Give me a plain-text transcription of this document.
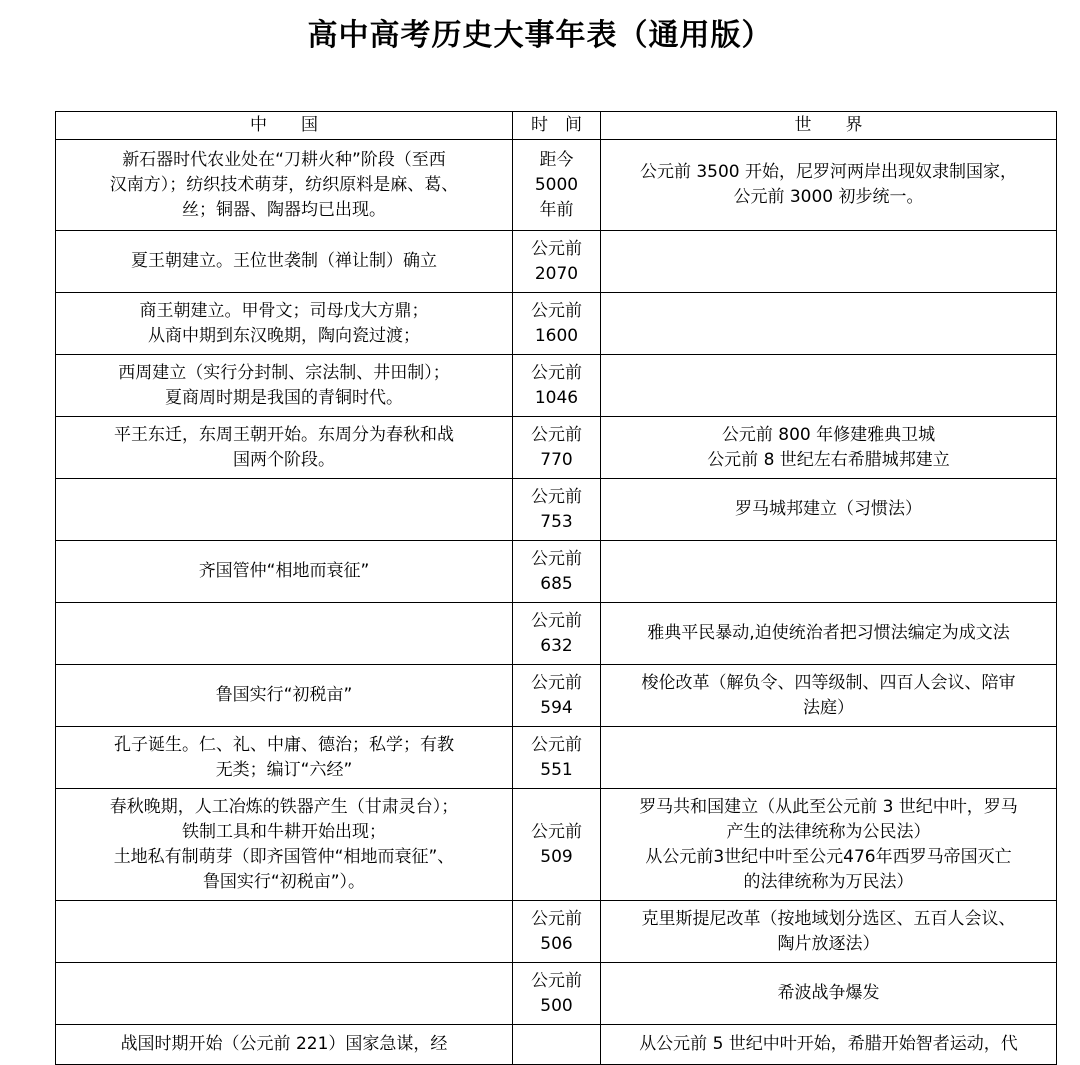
高中高考历史大事年表（通用版）
中　　国	时　间	世　　界

新石器时代农业处在“刀耕火种”阶段（至西
汉南方）；纺织技术萌芽，纺织原料是麻、葛、
丝；铜器、陶器均已出现。	距今
5000
年前	公元前 3500 开始，尼罗河两岸出现奴隶制国家，
公元前 3000 初步统一。

夏王朝建立。王位世袭制（禅让制）确立	公元前
2070	

商王朝建立。甲骨文；司母戊大方鼎；
从商中期到东汉晚期，陶向瓷过渡；	公元前
1600	

西周建立（实行分封制、宗法制、井田制）；
夏商周时期是我国的青铜时代。	公元前
1046	

平王东迁，东周王朝开始。东周分为春秋和战
国两个阶段。	公元前
770	公元前 800 年修建雅典卫城
公元前 8 世纪左右希腊城邦建立

	公元前
753	罗马城邦建立（习惯法）

齐国管仲“相地而衰征”	公元前
685	

	公元前
632	雅典平民暴动,迫使统治者把习惯法编定为成文法

鲁国实行“初税亩”	公元前
594	梭伦改革（解负令、四等级制、四百人会议、陪审
法庭）

孔子诞生。仁、礼、中庸、德治；私学；有教
无类；编订“六经”	公元前
551	

春秋晚期，人工冶炼的铁器产生（甘肃灵台）；
铁制工具和牛耕开始出现；
土地私有制萌芽（即齐国管仲“相地而衰征”、
鲁国实行“初税亩”）。	公元前
509	罗马共和国建立（从此至公元前 3 世纪中叶，罗马
产生的法律统称为公民法）
从公元前3世纪中叶至公元476年西罗马帝国灭亡
的法律统称为万民法）

	公元前
506	克里斯提尼改革（按地域划分选区、五百人会议、
陶片放逐法）

	公元前
500	希波战争爆发

战国时期开始（公元前 221）国家急谋，经		从公元前 5 世纪中叶开始，希腊开始智者运动，代
